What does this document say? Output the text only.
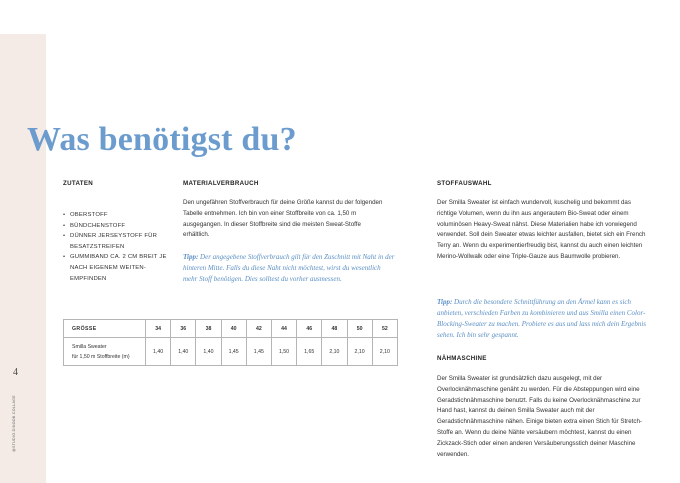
4
@STUDIO.DINOOB.COLLAGE
Was benötigst du?
ZUTATEN
• OBERSTOFF
• BÜNDCHENSTOFF
• DÜNNER JERSEYSTOFF FÜR BESATZSTREIFEN
• GUMMIBAND CA. 2 CM BREIT JE NACH EIGENEM WEITENEMPFINDEN
MATERIALVERBRAUCH

Den ungefähren Stoffverbrauch für deine Größe kannst du der folgenden Tabelle entnehmen. Ich bin von einer Stoffbreite von ca. 1,50 m ausgegangen. In dieser Stoffbreite sind die meisten Sweat-Stoffe erhältlich.

Tipp: Der angegebene Stoffverbrauch gilt für den Zuschnitt mit Naht in der hinteren Mitte. Falls du diese Naht nicht möchtest, wirst du wesentlich mehr Stoff benötigen. Dies solltest du vorher ausmessen.

GRÖSSE	34	36	38	40	42	44	46	48	50	52
Smilla Sweater
für 1,50 m Stoffbreite (m)	1,40	1,40	1,40	1,45	1,45	1,50	1,65	2,10	2,10	2,10
STOFFAUSWAHL

Der Smilla Sweater ist einfach wundervoll, kuschelig und bekommt das richtige Volumen, wenn du ihn aus angerautem Bio-Sweat oder einem voluminösen Heavy-Sweat nähst. Diese Materialien habe ich vorwiegend verwendet. Soll dein Sweater etwas leichter ausfallen, bietet sich ein French Terry an. Wenn du experimentierfreudig bist, kannst du auch einen leichten Merino-Wollwalk oder eine Triple-Gauze aus Baumwolle probieren.

Tipp: Durch die besondere Schnittführung an den Ärmel kann es sich anbieten, verschieden Farben zu kombinieren und aus Smilla einen Color-Blocking-Sweater zu machen. Probiere es aus und lass mich dein Ergebnis sehen. Ich bin sehr gespannt.

NÄHMASCHINE

Der Smilla Sweater ist grundsätzlich dazu ausgelegt, mit der Overlocknähmaschine genäht zu werden. Für die Absteppungen wird eine Geradstichnähmaschine benutzt. Falls du keine Overlocknähmaschine zur Hand hast, kannst du deinen Smilla Sweater auch mit der Geradstichnähmaschine nähen. Einige bieten extra einen Stich für Stretch-Stoffe an. Wenn du deine Nähte versäubern möchtest, kannst du einen Zickzack-Stich oder einen anderen Versäuberungsstich deiner Maschine verwenden.
